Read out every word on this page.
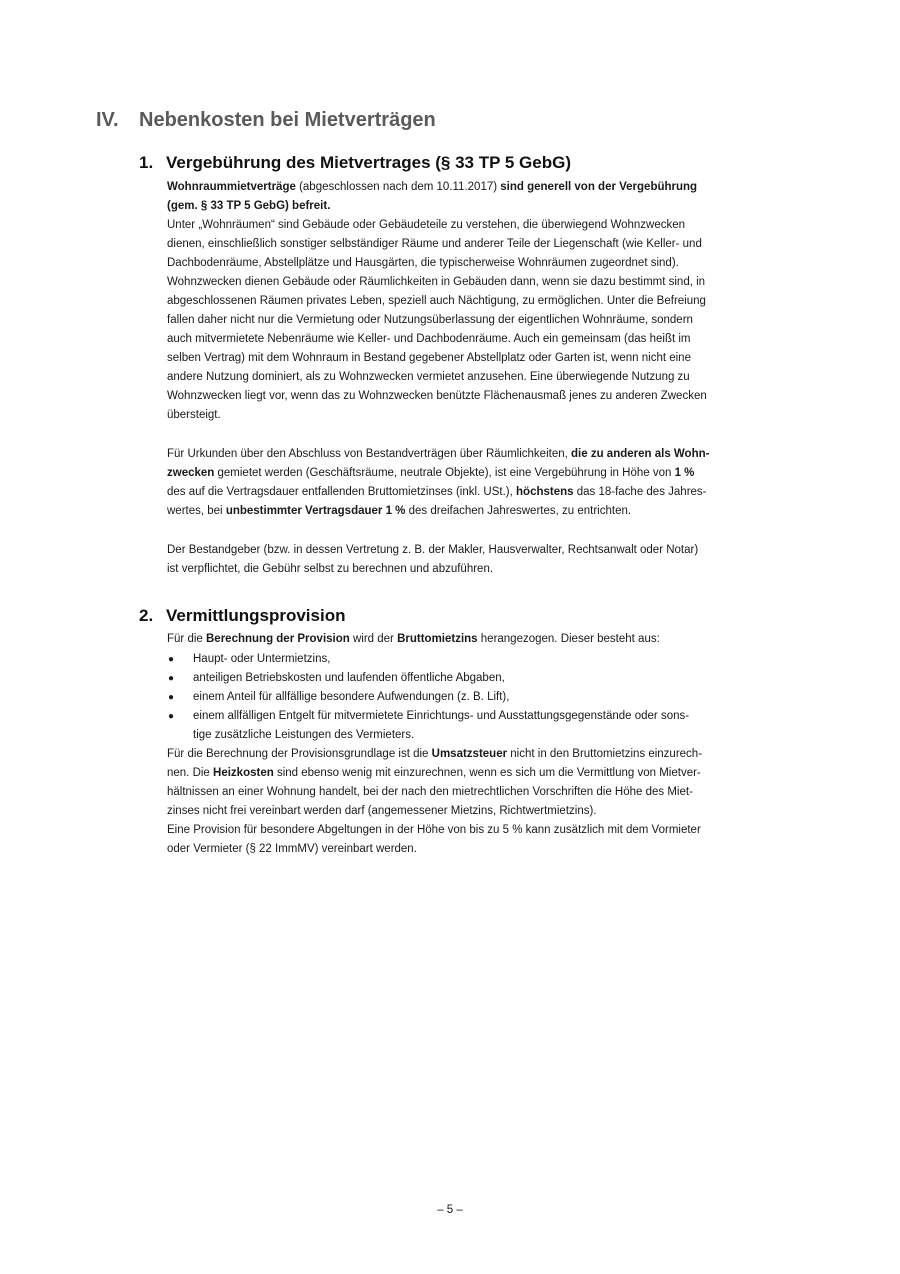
IV. Nebenkosten bei Mietverträgen
1. Vergebührung des Mietvertrages (§ 33 TP 5 GebG)
Wohnraummietverträge (abgeschlossen nach dem 10.11.2017) sind generell von der Vergebührung
(gem. § 33 TP 5 GebG) befreit.
Unter „Wohnräumen“ sind Gebäude oder Gebäudeteile zu verstehen, die überwiegend Wohnzwecken
dienen, einschließlich sonstiger selbständiger Räume und anderer Teile der Liegenschaft (wie Keller- und
Dachbodenräume, Abstellplätze und Hausgärten, die typischerweise Wohnräumen zugeordnet sind).
Wohnzwecken dienen Gebäude oder Räumlichkeiten in Gebäuden dann, wenn sie dazu bestimmt sind, in
abgeschlossenen Räumen privates Leben, speziell auch Nächtigung, zu ermöglichen. Unter die Befreiung
fallen daher nicht nur die Vermietung oder Nutzungsüberlassung der eigentlichen Wohnräume, sondern
auch mitvermietete Nebenräume wie Keller- und Dachbodenräume. Auch ein gemeinsam (das heißt im
selben Vertrag) mit dem Wohnraum in Bestand gegebener Abstellplatz oder Garten ist, wenn nicht eine
andere Nutzung dominiert, als zu Wohnzwecken vermietet anzusehen. Eine überwiegende Nutzung zu
Wohnzwecken liegt vor, wenn das zu Wohnzwecken benützte Flächenausmaß jenes zu anderen Zwecken
übersteigt.
Für Urkunden über den Abschluss von Bestandverträgen über Räumlichkeiten, die zu anderen als Wohn-
zwecken gemietet werden (Geschäftsräume, neutrale Objekte), ist eine Vergebührung in Höhe von 1 %
des auf die Vertragsdauer entfallenden Bruttomietzinses (inkl. USt.), höchstens das 18-fache des Jahres-
wertes, bei unbestimmter Vertragsdauer 1 % des dreifachen Jahreswertes, zu entrichten.
Der Bestandgeber (bzw. in dessen Vertretung z. B. der Makler, Hausverwalter, Rechtsanwalt oder Notar)
ist verpflichtet, die Gebühr selbst zu berechnen und abzuführen.
2. Vermittlungsprovision
Für die Berechnung der Provision wird der Bruttomietzins herangezogen. Dieser besteht aus:
● Haupt- oder Untermietzins,
● anteiligen Betriebskosten und laufenden öffentliche Abgaben,
● einem Anteil für allfällige besondere Aufwendungen (z. B. Lift),
● einem allfälligen Entgelt für mitvermietete Einrichtungs- und Ausstattungsgegenstände oder sons-
tige zusätzliche Leistungen des Vermieters.
Für die Berechnung der Provisionsgrundlage ist die Umsatzsteuer nicht in den Bruttomietzins einzurech-
nen. Die Heizkosten sind ebenso wenig mit einzurechnen, wenn es sich um die Vermittlung von Mietver-
hältnissen an einer Wohnung handelt, bei der nach den mietrechtlichen Vorschriften die Höhe des Miet-
zinses nicht frei vereinbart werden darf (angemessener Mietzins, Richtwertmietzins).
Eine Provision für besondere Abgeltungen in der Höhe von bis zu 5 % kann zusätzlich mit dem Vormieter
oder Vermieter (§ 22 ImmMV) vereinbart werden.
– 5 –
